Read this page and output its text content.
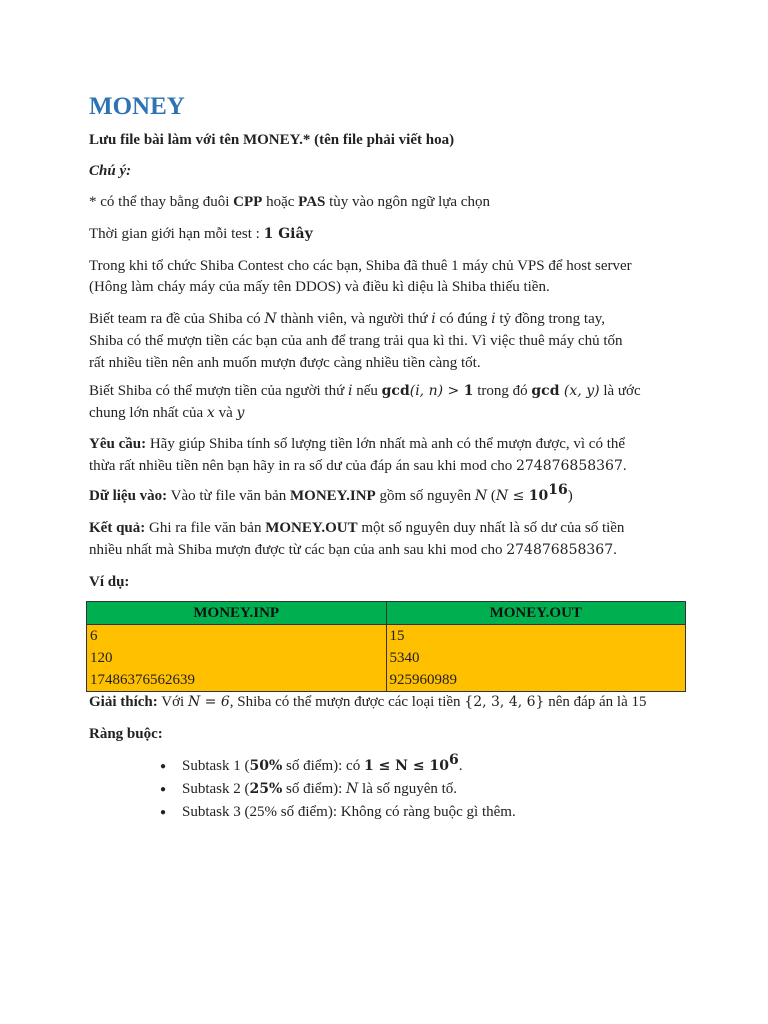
MONEY

Lưu file bài làm với tên MONEY.* (tên file phải viết hoa)

Chú ý:

* có thể thay bằng đuôi CPP hoặc PAS tùy vào ngôn ngữ lựa chọn

Thời gian giới hạn mỗi test : 1 Giây

Trong khi tổ chức Shiba Contest cho các bạn, Shiba đã thuê 1 máy chủ VPS để host server

(Hông làm cháy máy của mấy tên DDOS) và điều kì diệu là Shiba thiếu tiền.

Biết team ra đề của Shiba có N thành viên, và người thứ i có đúng i tỷ đồng trong tay,

Shiba có thể mượn tiền các bạn của anh để trang trải qua kì thi. Vì việc thuê máy chủ tốn

rất nhiều tiền nên anh muốn mượn được càng nhiều tiền càng tốt.

Biết Shiba có thể mượn tiền của người thứ i nếu gcd(i, n) > 1 trong đó gcd (x, y) là ước

chung lớn nhất của x và y

Yêu cầu: Hãy giúp Shiba tính số lượng tiền lớn nhất mà anh có thể mượn được, vì có thể

thừa rất nhiều tiền nên bạn hãy in ra số dư của đáp án sau khi mod cho 274876858367.

Dữ liệu vào: Vào từ file văn bản MONEY.INP gồm số nguyên N $(N \le 10^{16})$

Kết quả: Ghi ra file văn bản MONEY.OUT một số nguyên duy nhất là số dư của số tiền

nhiều nhất mà Shiba mượn được từ các bạn của anh sau khi mod cho 274876858367.

Ví dụ:

MONEY.INP	MONEY.OUT
6	15
120	5340
17486376562639	925960989

Giải thích: Với N = 6, Shiba có thể mượn được các loại tiền {2, 3, 4, 6} nên đáp án là 15

Ràng buộc:

● Subtask 1 (50% số điểm): có $1 \le N \le 10^6$.
● Subtask 2 (25% số điểm): N là số nguyên tố.
● Subtask 3 (25% số điểm): Không có ràng buộc gì thêm.
